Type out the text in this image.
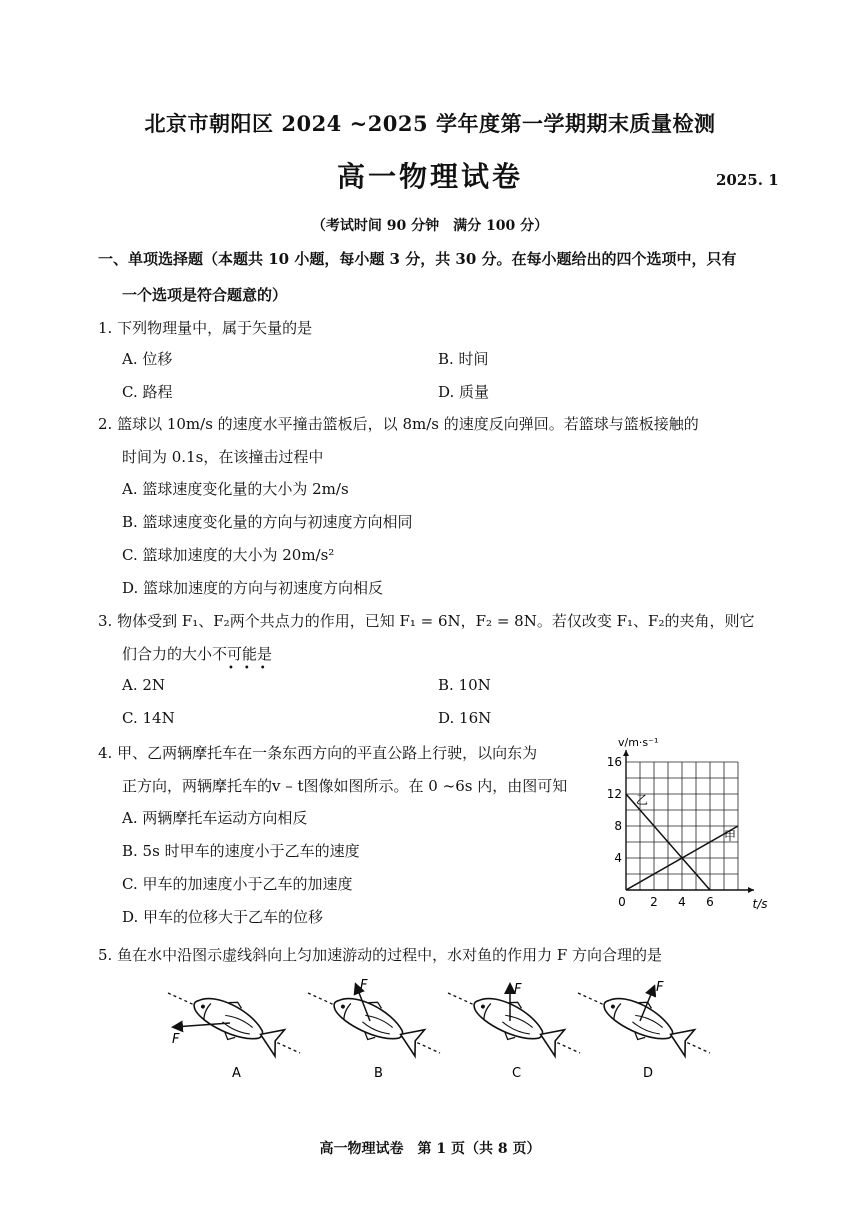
北京市朝阳区 2024 ~2025 学年度第一学期期末质量检测
高一物理试卷	2025. 1
（考试时间 90 分钟　满分 100 分）
一、单项选择题（本题共 10 小题，每小题 3 分，共 30 分。在每小题给出的四个选项中，只有
一个选项是符合题意的）
1. 下列物理量中，属于矢量的是
A. 位移	B. 时间
C. 路程	D. 质量
2. 篮球以 10m/s 的速度水平撞击篮板后，以 8m/s 的速度反向弹回。若篮球与篮板接触的
时间为 0.1s，在该撞击过程中
A. 篮球速度变化量的大小为 2m/s
B. 篮球速度变化量的方向与初速度方向相同
C. 篮球加速度的大小为 20m/s²
D. 篮球加速度的方向与初速度方向相反
3. 物体受到 F₁、F₂两个共点力的作用，已知 F₁ = 6N，F₂ = 8N。若仅改变 F₁、F₂的夹角，则它
们合力的大小不可能是
•••
A. 2N	B. 10N
C. 14N	D. 16N
4. 甲、乙两辆摩托车在一条东西方向的平直公路上行驶，以向东为
正方向，两辆摩托车的v – t图像如图所示。在 0 ~6s 内，由图可知
A. 两辆摩托车运动方向相反
B. 5s 时甲车的速度小于乙车的速度
C. 甲车的加速度小于乙车的加速度
D. 甲车的位移大于乙车的位移
0 2 4 6
4
8
12
16
t/s
v/m·s⁻¹
甲
乙
5. 鱼在水中沿图示虚线斜向上匀加速游动的过程中，水对鱼的作用力 F 方向合理的是
F
A
F
B
F
C
F
D
高一物理试卷　第 1 页（共 8 页）
